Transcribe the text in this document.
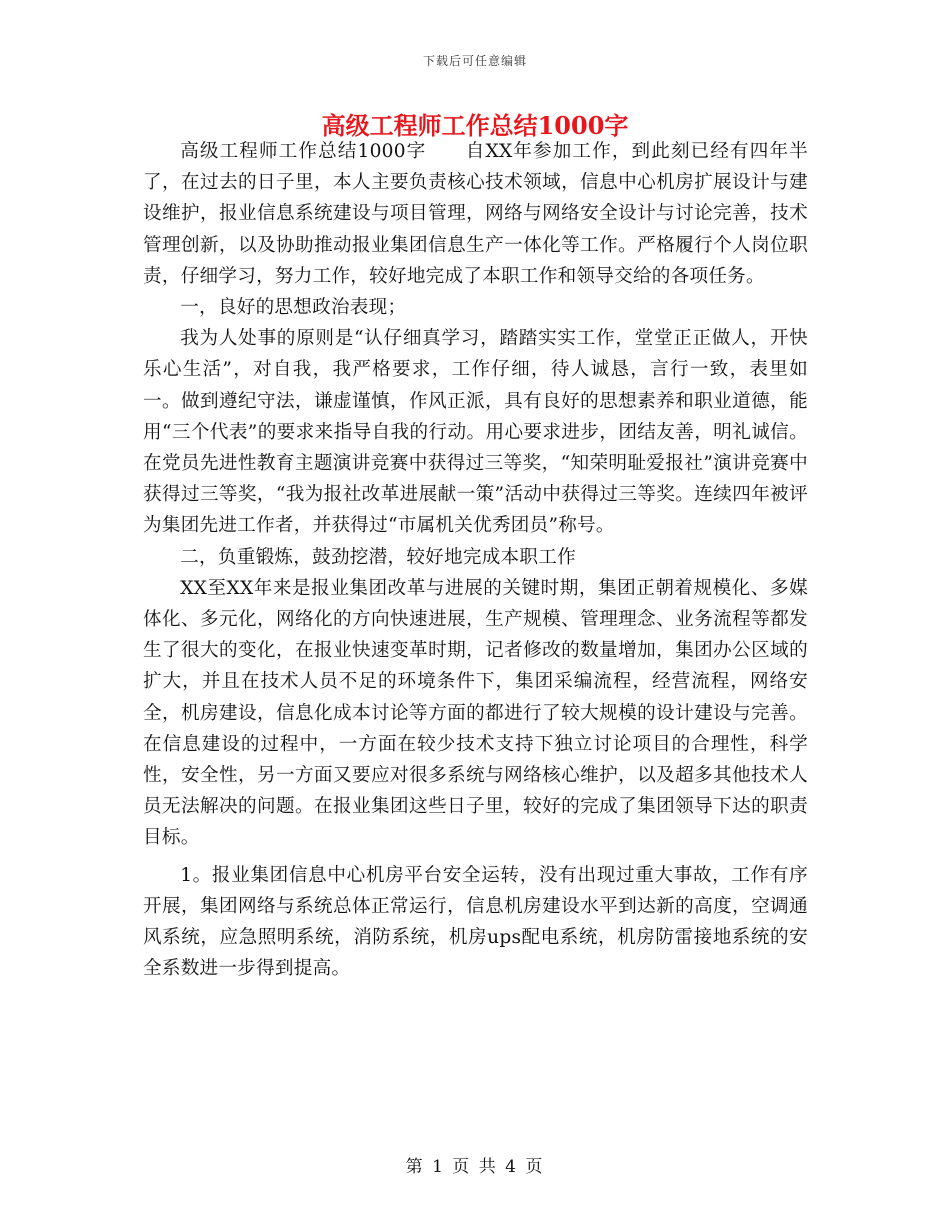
下载后可任意编辑
高级工程师工作总结1000字

高级工程师工作总结1000字　　自XX年参加工作，到此刻已经有四年半了，在过去的日子里，本人主要负责核心技术领域，信息中心机房扩展设计与建设维护，报业信息系统建设与项目管理，网络与网络安全设计与讨论完善，技术管理创新，以及协助推动报业集团信息生产一体化等工作。严格履行个人岗位职责，仔细学习，努力工作，较好地完成了本职工作和领导交给的各项任务。

一，良好的思想政治表现；

我为人处事的原则是“认仔细真学习，踏踏实实工作，堂堂正正做人，开快乐心生活”，对自我，我严格要求，工作仔细，待人诚恳，言行一致，表里如一。做到遵纪守法，谦虚谨慎，作风正派，具有良好的思想素养和职业道德，能用“三个代表”的要求来指导自我的行动。用心要求进步，团结友善，明礼诚信。在党员先进性教育主题演讲竞赛中获得过三等奖，“知荣明耻爱报社”演讲竞赛中获得过三等奖，“我为报社改革进展献一策”活动中获得过三等奖。连续四年被评为集团先进工作者，并获得过“市属机关优秀团员”称号。

二，负重锻炼，鼓劲挖潜，较好地完成本职工作

XX至XX年来是报业集团改革与进展的关键时期，集团正朝着规模化、多媒体化、多元化，网络化的方向快速进展，生产规模、管理理念、业务流程等都发生了很大的变化，在报业快速变革时期，记者修改的数量增加，集团办公区域的扩大，并且在技术人员不足的环境条件下，集团采编流程，经营流程，网络安全，机房建设，信息化成本讨论等方面的都进行了较大规模的设计建设与完善。在信息建设的过程中，一方面在较少技术支持下独立讨论项目的合理性，科学性，安全性，另一方面又要应对很多系统与网络核心维护，以及超多其他技术人员无法解决的问题。在报业集团这些日子里，较好的完成了集团领导下达的职责目标。

1。报业集团信息中心机房平台安全运转，没有出现过重大事故，工作有序开展，集团网络与系统总体正常运行，信息机房建设水平到达新的高度，空调通风系统，应急照明系统，消防系统，机房ups配电系统，机房防雷接地系统的安全系数进一步得到提高。

第 1 页 共 4 页
